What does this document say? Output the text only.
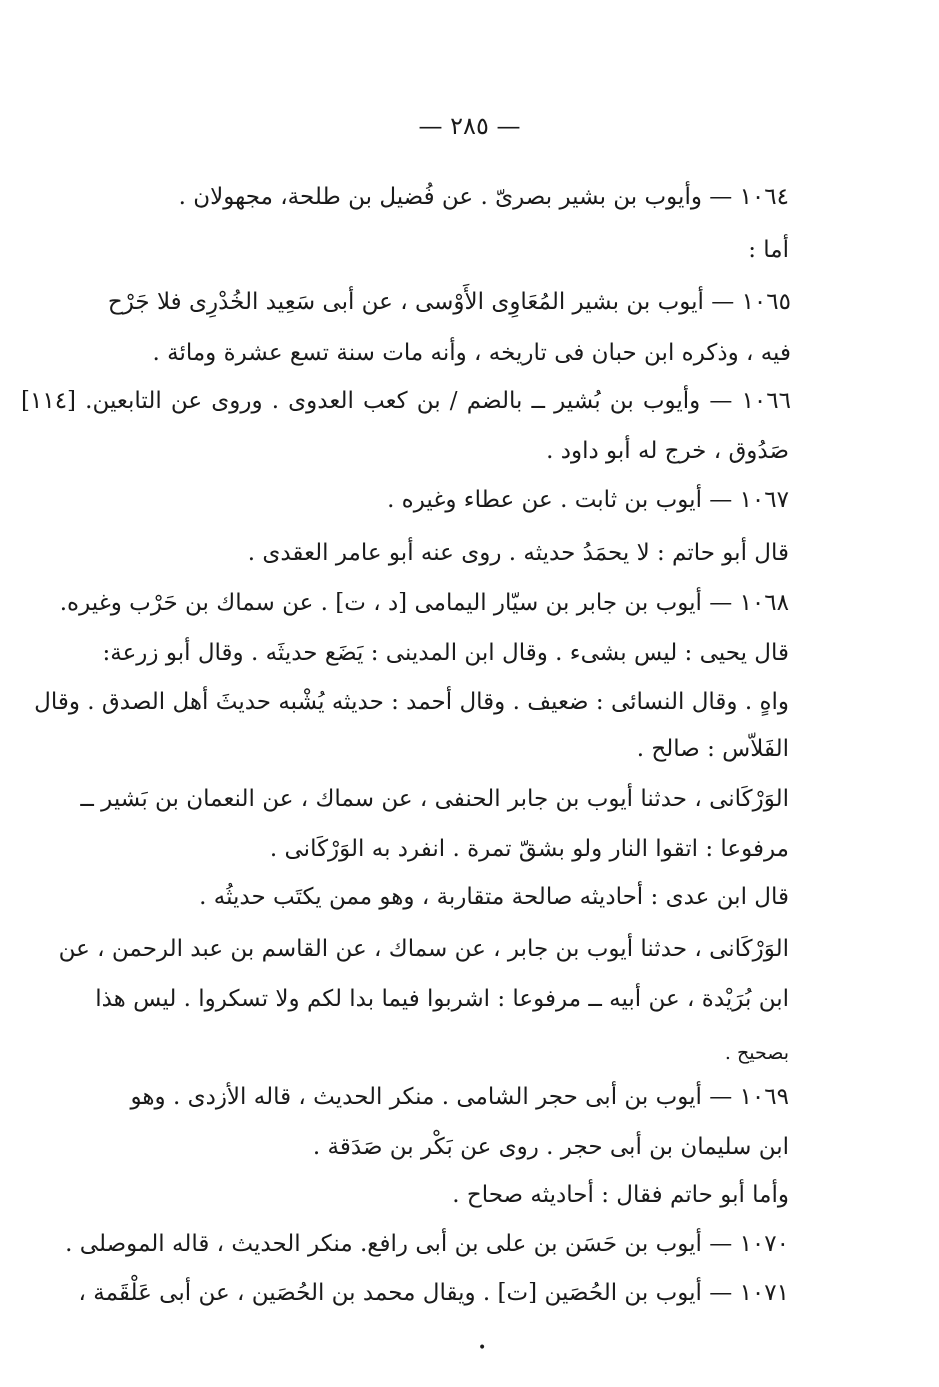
— ٢٨٥ —
١٠٦٤ — وأيوب بن بشير بصرىّ . عن فُضيل بن طلحة، مجهولان .
أما :
١٠٦٥ — أيوب بن بشير المُعَاوِى الأَوْسى ، عن أبى سَعِيد الخُدْرِى فلا جَرْح
فيه ، وذكره ابن حبان فى تاريخه ، وأنه مات سنة تسع عشرة ومائة .
١٠٦٦ — وأيوب بن بُشير ــ بالضم / بن كعب العدوى . وروى عن التابعين. [١١٤]
صَدُوق ، خرج له أبو داود .
١٠٦٧ — أيوب بن ثابت . عن عطاء وغيره .
قال أبو حاتم : لا يحمَدُ حديثه . روى عنه أبو عامر العقدى .
١٠٦٨ — أيوب بن جابر بن سيّار اليمامى [د ، ت] . عن سماك بن حَرْب وغيره.
قال يحيى : ليس بشىء . وقال ابن المدينى : يَضَع حديثَه . وقال أبو زرعة:
واهٍ . وقال النسائى : ضعيف . وقال أحمد : حديثه يُشْبه حديثَ أهل الصدق . وقال
الفَلاّس : صالح .
الوَرْكَانى ، حدثنا أيوب بن جابر الحنفى ، عن سماك ، عن النعمان بن بَشير ــ
مرفوعا : اتقوا النار ولو بشقّ تمرة . انفرد به الوَرْكَانى .
قال ابن عدى : أحاديثه صالحة متقاربة ، وهو ممن يكتَب حديثُه .
الوَرْكَانى ، حدثنا أيوب بن جابر ، عن سماك ، عن القاسم بن عبد الرحمن ، عن
ابن بُرَيْدة ، عن أبيه ــ مرفوعا : اشربوا فيما بدا لكم ولا تسكروا . ليس هذا
بصحيح .
١٠٦٩ — أيوب بن أبى حجر الشامى . منكر الحديث ، قاله الأزدى . وهو
ابن سليمان بن أبى حجر . روى عن بَكْر بن صَدَقة .
وأما أبو حاتم فقال : أحاديثه صحاح .
١٠٧٠ — أيوب بن حَسَن بن على بن أبى رافع. منكر الحديث ، قاله الموصلى .
١٠٧١ — أيوب بن الحُصَين [ت] . ويقال محمد بن الحُصَين ، عن أبى عَلْقَمة ،
•
